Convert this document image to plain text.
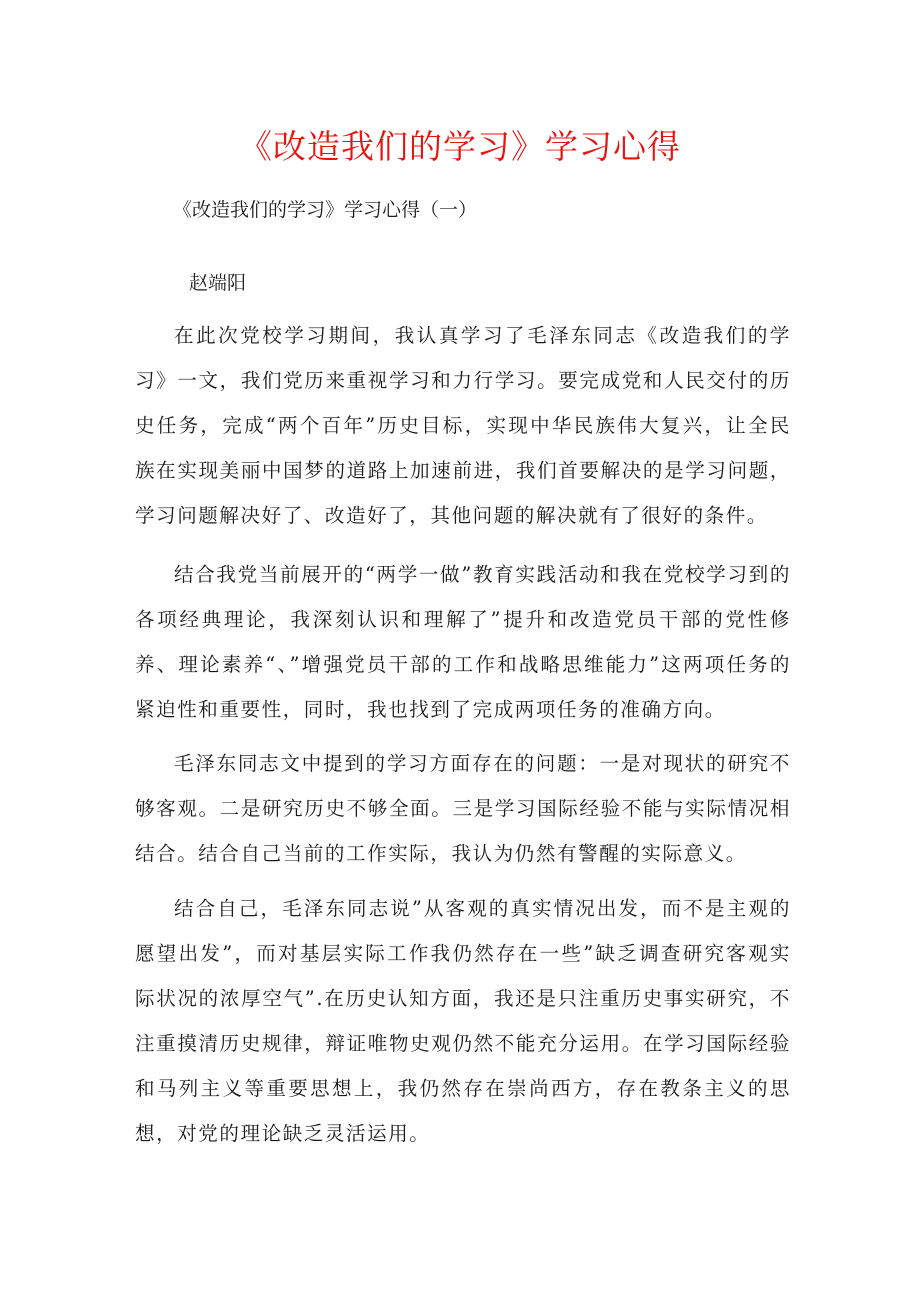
《改造我们的学习》学习心得

《改造我们的学习》学习心得（一）

赵端阳

在此次党校学习期间，我认真学习了毛泽东同志《改造我们的学习》一文，我们党历来重视学习和力行学习。要完成党和人民交付的历史任务，完成“两个百年”历史目标，实现中华民族伟大复兴，让全民族在实现美丽中国梦的道路上加速前进，我们首要解决的是学习问题，学习问题解决好了、改造好了，其他问题的解决就有了很好的条件。

结合我党当前展开的“两学一做”教育实践活动和我在党校学习到的各项经典理论，我深刻认识和理解了”提升和改造党员干部的党性修养、理论素养“、”增强党员干部的工作和战略思维能力”这两项任务的紧迫性和重要性，同时，我也找到了完成两项任务的准确方向。

毛泽东同志文中提到的学习方面存在的问题：一是对现状的研究不够客观。二是研究历史不够全面。三是学习国际经验不能与实际情况相结合。结合自己当前的工作实际，我认为仍然有警醒的实际意义。

结合自己，毛泽东同志说”从客观的真实情况出发，而不是主观的愿望出发”，而对基层实际工作我仍然存在一些”缺乏调查研究客观实际状况的浓厚空气”.在历史认知方面，我还是只注重历史事实研究，不注重摸清历史规律，辩证唯物史观仍然不能充分运用。在学习国际经验和马列主义等重要思想上，我仍然存在崇尚西方，存在教条主义的思想，对党的理论缺乏灵活运用。
